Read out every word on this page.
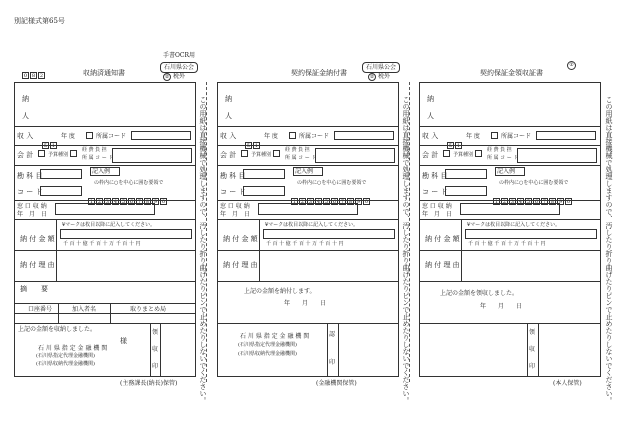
別記様式第65号
手書OCR用
0 8 2	収納済通知書
石川県公会
② 税外
納
人
収 入
5 1
年 度	所属コード
会 計	予算種別
経 費 負 担
所 属 コ ー ド
勘 科 目
記入例
の枠内に○を中心に囲む要領で
コ ー ド
1 2 3 4 5 6 7 8 9 0
窓 口 収 納
年　月　日
¥マークは枚目以降に記入してください。
納 付 金 額
千 百 十 億 千 百 十 万 千 百 十 円
納 付 理 由
摘　　要
口座番号	加入者名	取りまとめ局
上記の金額を収納しました。
様
石 川 県 指 定 金 融 機 関
(石川県指定代理金融機関)
(石川県収納代理金融機関)
領
収
印
(主務課長(納長)保管)	この用紙は直接機械で処理しますので、汚したり折り曲げたりピンで止めたりしないでください。
契約保証金納付書
石川県公会
② 税外
納
人
収 入
5 1
年 度	所属コード
会 計	予算種別
経 費 負 担
所 属 コ ー ド
勘 科 目
記入例
の枠内に○を中心に囲む要領で
コ ー ド
1 2 3 4 5 6 7 8 9 0
窓 口 収 納
年　月　日
¥マークは枚目以降に記入してください。
納 付 金 額
千 百 十 億 千 百 十 万 千 百 十 円
納 付 理 由
上記の金額を納付します。
年　　月　　日
石 川 県 指 定 金 融 機 関
(石川県指定代理金融機関)
(石川県収納代理金融機関)
認
印
(金融機関保管)	この用紙は直接機械で処理しますので、汚したり折り曲げたりピンで止めたりしないでください。
契約保証金領収証書
②
納
人
収 入
5 1
年 度	所属コード
会 計	予算種別
経 費 負 担
所 属 コ ー ド
勘 科 目
記入例
の枠内に○を中心に囲む要領で
コ ー ド
1 2 3 4 5 6 7 8 9 0
窓 口 収 納
年　月　日
¥マークは枚目以降に記入してください。
納 付 金 額
千 百 十 億 千 百 十 万 千 百 十 円
納 付 理 由
上記の金額を領収しました。
年　　月　　日
領
収
印
(本人保管)	この用紙は直接機械で処理しますので、汚したり折り曲げたりピンで止めたりしないでください。
